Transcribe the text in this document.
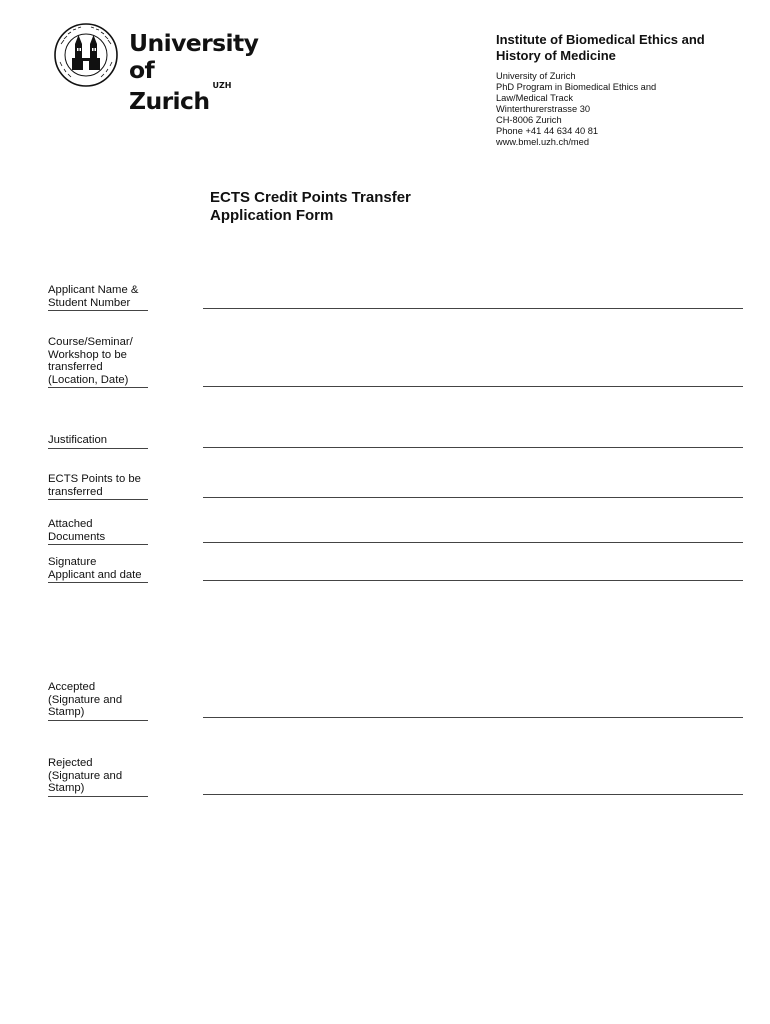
University of
Zurich$^{UZH}$

Institute of Biomedical Ethics and
History of Medicine

University of Zurich
PhD Program in Biomedical Ethics and
Law/Medical Track
Winterthurerstrasse 30
CH-8006 Zurich
Phone +41 44 634 40 81
www.bmel.uzh.ch/med
ECTS Credit Points Transfer
Application Form
Applicant Name &
Student Number
Course/Seminar/
Workshop to be
transferred
(Location, Date)
Justification
ECTS Points to be
transferred
Attached
Documents
Signature
Applicant and date
Accepted
(Signature and
Stamp)
Rejected
(Signature and
Stamp)
